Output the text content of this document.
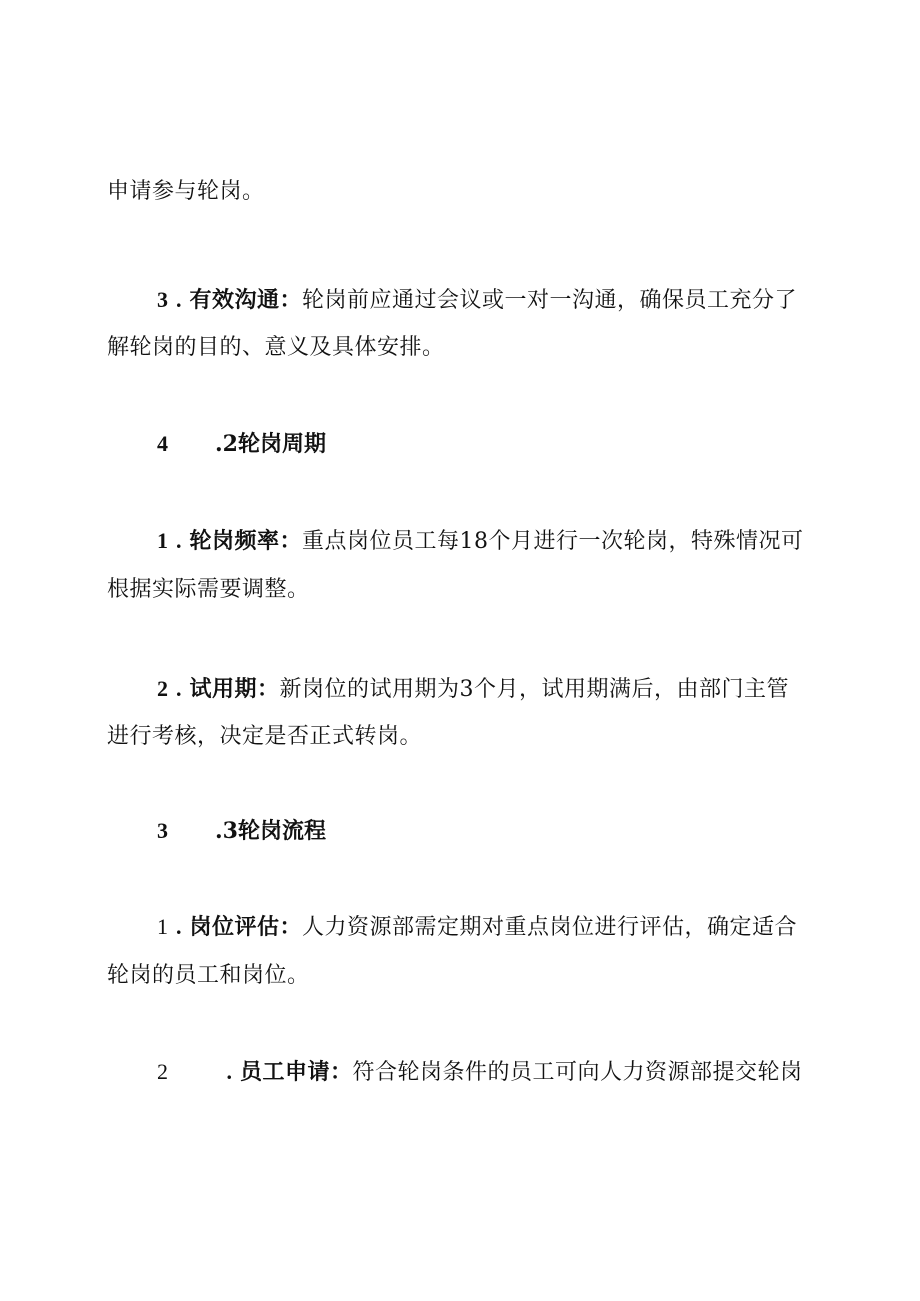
申请参与轮岗。
3 . 有效沟通：轮岗前应通过会议或一对一沟通，确保员工充分了
解轮岗的目的、意义及具体安排。
4 .2轮岗周期
1 . 轮岗频率：重点岗位员工每18个月进行一次轮岗，特殊情况可
根据实际需要调整。
2 . 试用期：新岗位的试用期为3个月，试用期满后，由部门主管
进行考核，决定是否正式转岗。
3 .3轮岗流程
1 . 岗位评估：人力资源部需定期对重点岗位进行评估，确定适合
轮岗的员工和岗位。
2	. 员工申请：符合轮岗条件的员工可向人力资源部提交轮岗
